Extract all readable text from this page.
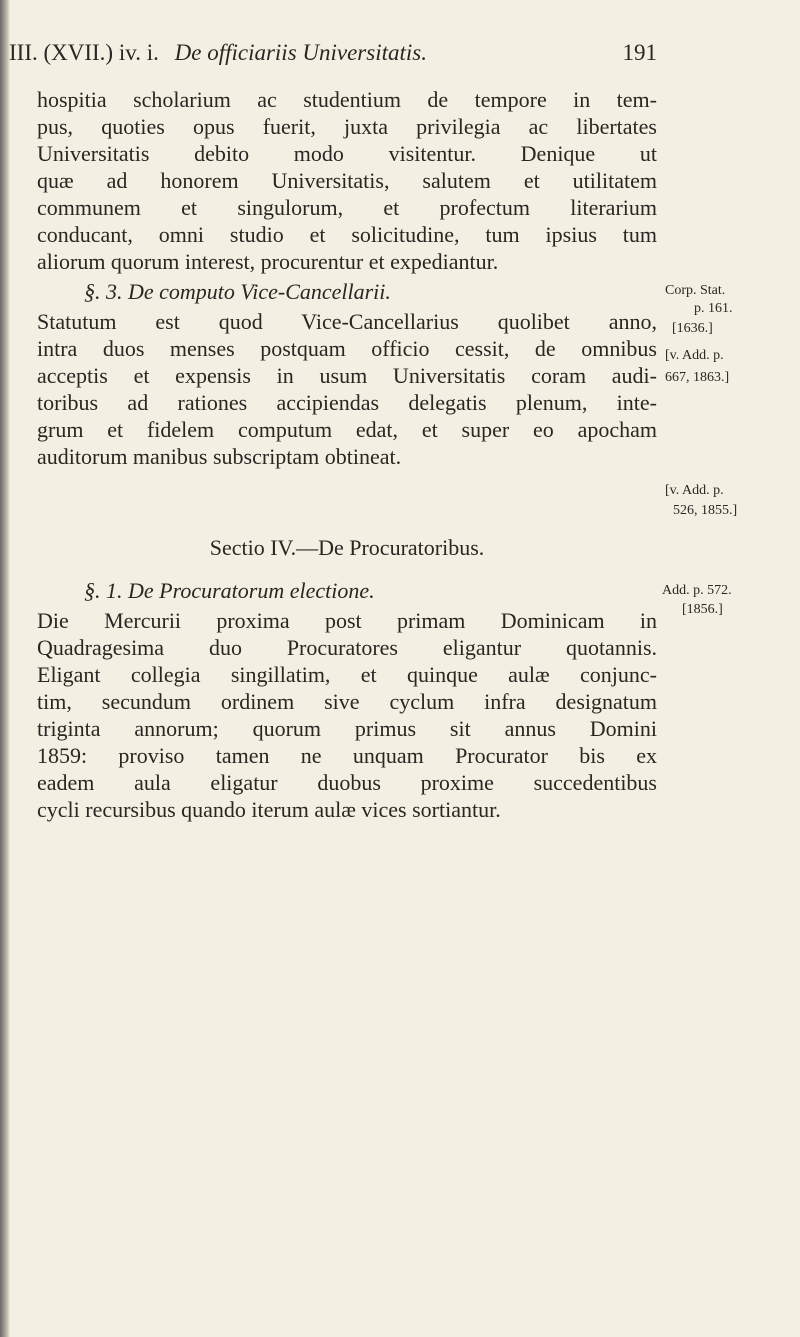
III. (XVII.) iv. i. De officiariis Universitatis.	191
hospitia scholarium ac studentium de tempore in tem-
pus, quoties opus fuerit, juxta privilegia ac libertates
Universitatis debito modo visitentur. Denique ut
quæ ad honorem Universitatis, salutem et utilitatem
communem et singulorum, et profectum literarium
conducant, omni studio et solicitudine, tum ipsius tum
aliorum quorum interest, procurentur et expediantur.
§. 3. De computo Vice-Cancellarii.
Statutum est quod Vice-Cancellarius quolibet anno,
intra duos menses postquam officio cessit, de omnibus
acceptis et expensis in usum Universitatis coram audi-
toribus ad rationes accipiendas delegatis plenum, inte-
grum et fidelem computum edat, et super eo apocham
auditorum manibus subscriptam obtineat.
Sectio IV.—De Procuratoribus.
§. 1. De Procuratorum electione.
Die Mercurii proxima post primam Dominicam in
Quadragesima duo Procuratores eligantur quotannis.
Eligant collegia singillatim, et quinque aulæ conjunc-
tim, secundum ordinem sive cyclum infra designatum
triginta annorum; quorum primus sit annus Domini
1859: proviso tamen ne unquam Procurator bis ex
eadem aula eligatur duobus proxime succedentibus
cycli recursibus quando iterum aulæ vices sortiantur.
Corp. Stat.
p. 161.
[1636.]
[v. Add. p.
667, 1863.]
[v. Add. p.
526, 1855.]
Add. p. 572.
[1856.]
